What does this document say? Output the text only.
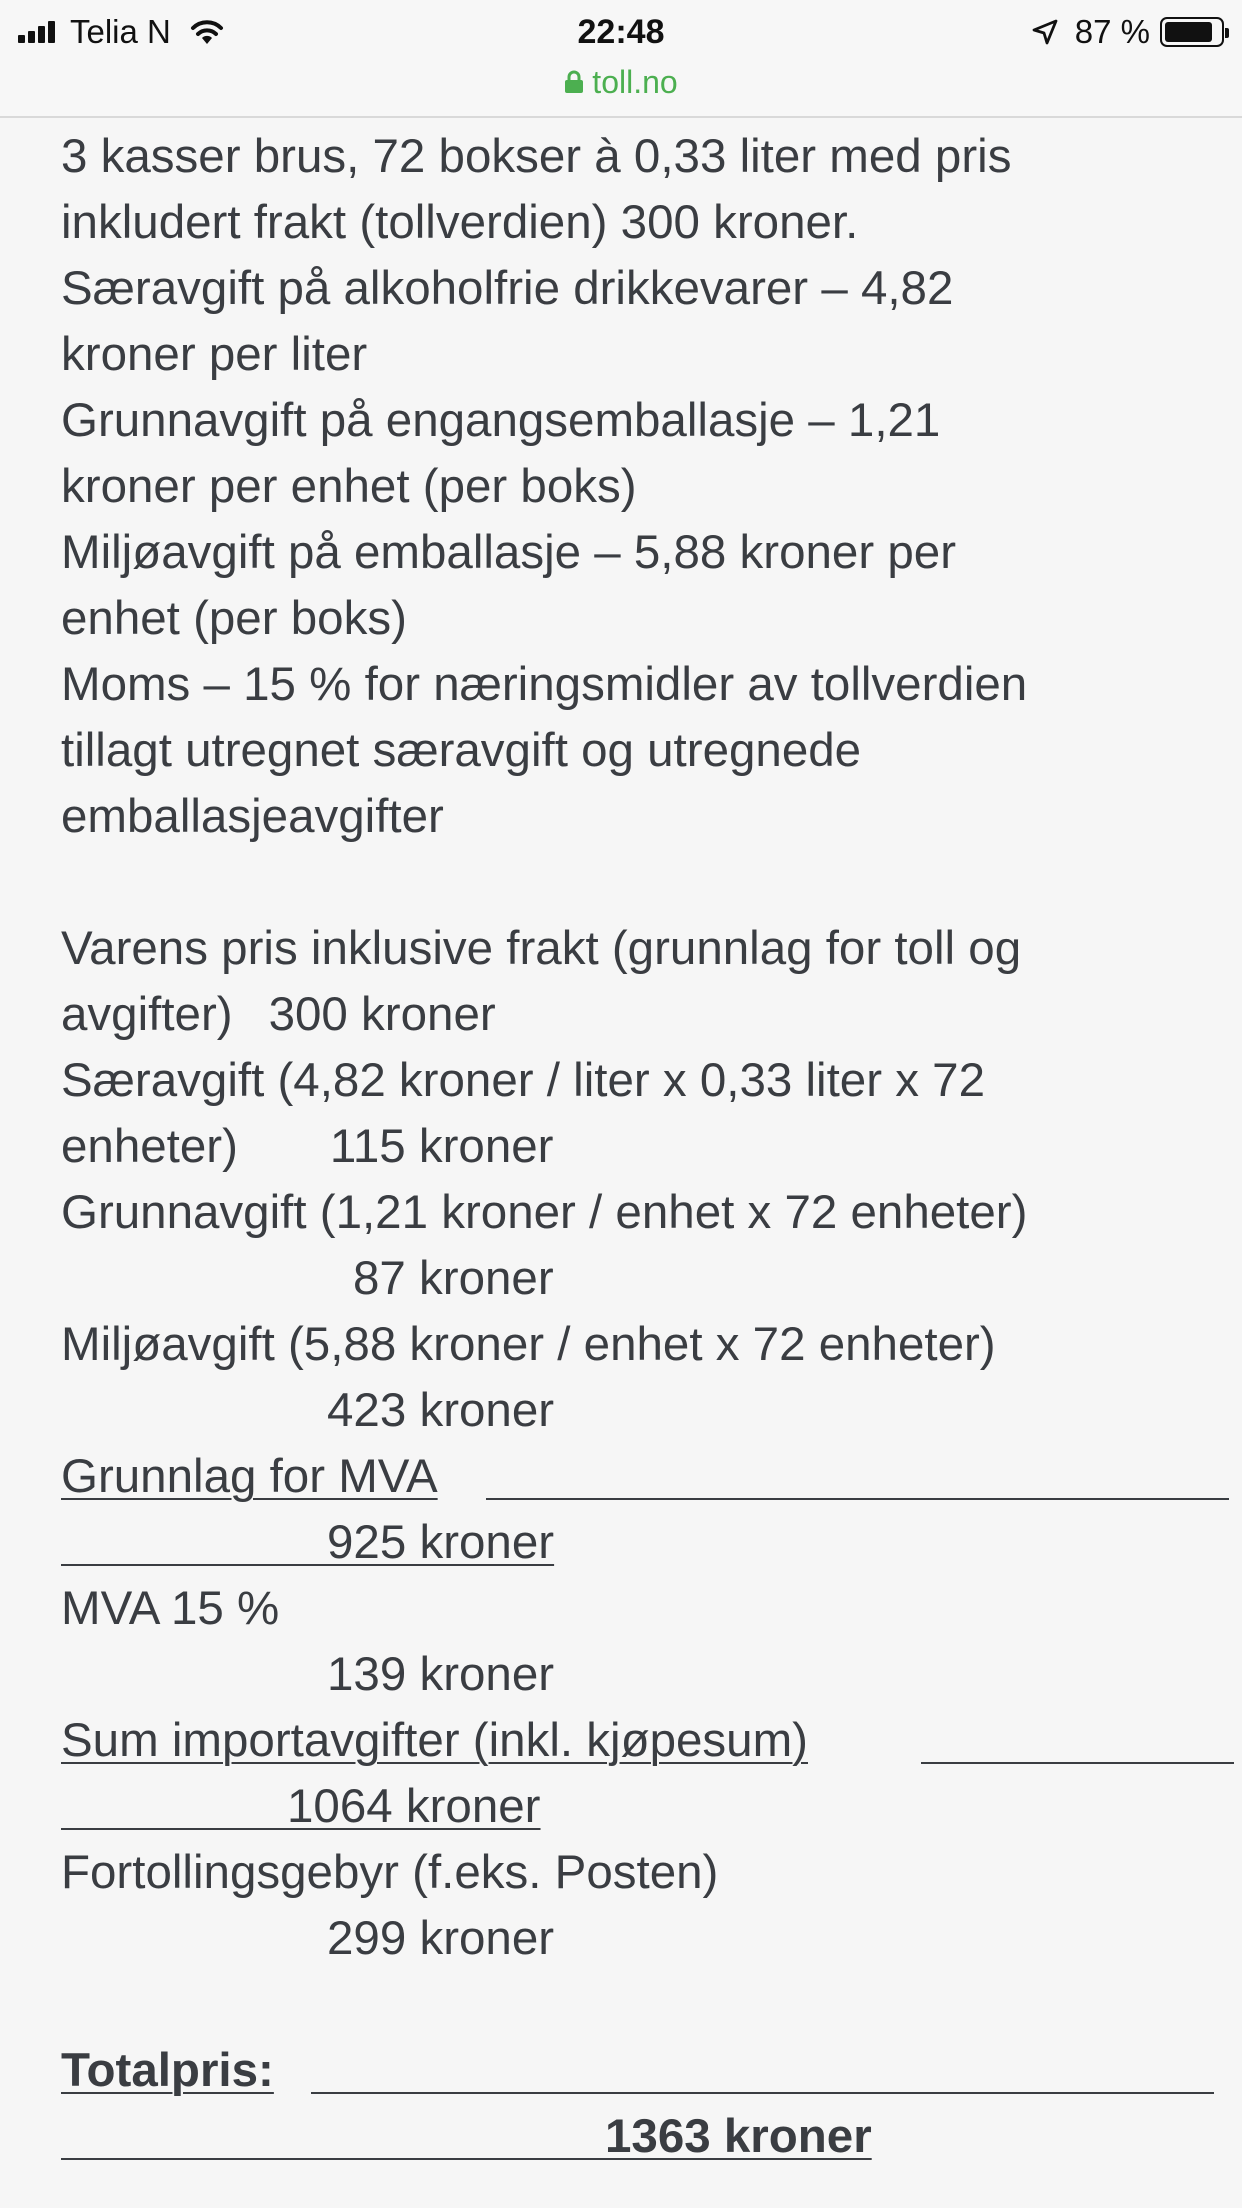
Telia N	22:48	87 %
toll.no
3 kasser brus, 72 bokser à 0,33 liter med pris
inkludert frakt (tollverdien) 300 kroner.
Særavgift på alkoholfrie drikkevarer – 4,82
kroner per liter
Grunnavgift på engangsemballasje – 1,21
kroner per enhet (per boks)
Miljøavgift på emballasje – 5,88 kroner per
enhet (per boks)
Moms – 15 % for næringsmidler av tollverdien
tillagt utregnet særavgift og utregnede
emballasjeavgifter
Varens pris inklusive frakt (grunnlag for toll og
avgifter) 300 kroner
Særavgift (4,82 kroner / liter x 0,33 liter x 72
enheter) 115 kroner
Grunnavgift (1,21 kroner / enhet x 72 enheter)
87 kroner
Miljøavgift (5,88 kroner / enhet x 72 enheter)
423 kroner
Grunnlag for MVA
925 kroner
MVA 15 %
139 kroner
Sum importavgifter (inkl. kjøpesum)
1064 kroner
Fortollingsgebyr (f.eks. Posten)
299 kroner
Totalpris:
1363 kroner
